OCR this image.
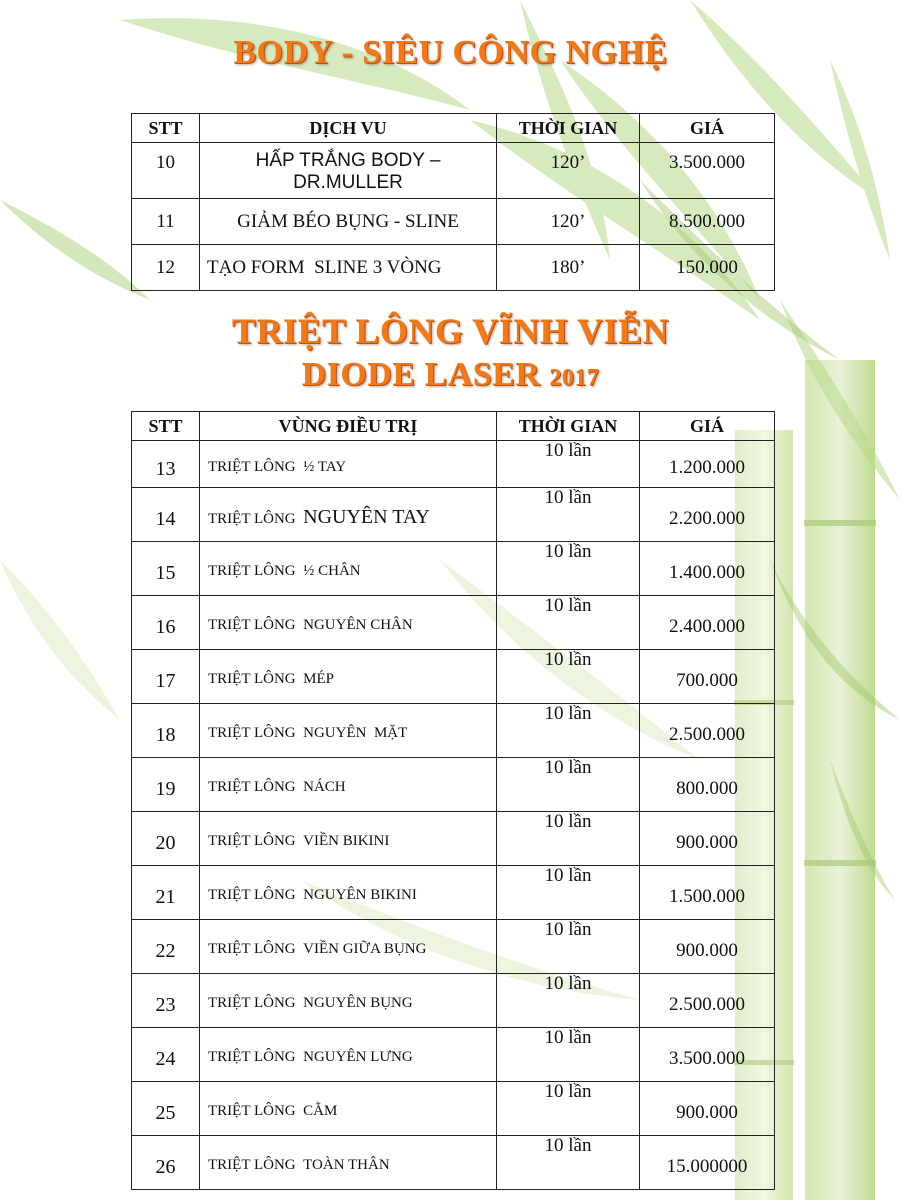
BODY - SIÊU CÔNG NGHỆ
STT	DỊCH VU	THỜI GIAN	GIÁ
10	HẤP TRẮNG BODY – DR.MULLER	120’	3.500.000
11	GIẢM BÉO BỤNG - SLINE	120’	8.500.000
12	TẠO FORM  SLINE 3 VÒNG	180’	150.000
TRIỆT LÔNG VĨNH VIỄN
DIODE LASER 2017
STT	VÙNG ĐIỀU TRỊ	THỜI GIAN	GIÁ
13	TRIỆT LÔNG ½ TAY	10 lần	1.200.000
14	TRIỆT LÔNG NGUYÊN TAY	10 lần	2.200.000
15	TRIỆT LÔNG ½ CHÂN	10 lần	1.400.000
16	TRIỆT LÔNG NGUYÊN CHÂN	10 lần	2.400.000
17	TRIỆT LÔNG MÉP	10 lần	700.000
18	TRIỆT LÔNG NGUYÊN  MẶT	10 lần	2.500.000
19	TRIỆT LÔNG NÁCH	10 lần	800.000
20	TRIỆT LÔNG VIỀN BIKINI	10 lần	900.000
21	TRIỆT LÔNG NGUYÊN BIKINI	10 lần	1.500.000
22	TRIỆT LÔNG VIỀN GIỮA BỤNG	10 lần	900.000
23	TRIỆT LÔNG NGUYÊN BỤNG	10 lần	2.500.000
24	TRIỆT LÔNG NGUYÊN LƯNG	10 lần	3.500.000
25	TRIỆT LÔNG CẰM	10 lần	900.000
26	TRIỆT LÔNG TOÀN THÂN	10 lần	15.000000
